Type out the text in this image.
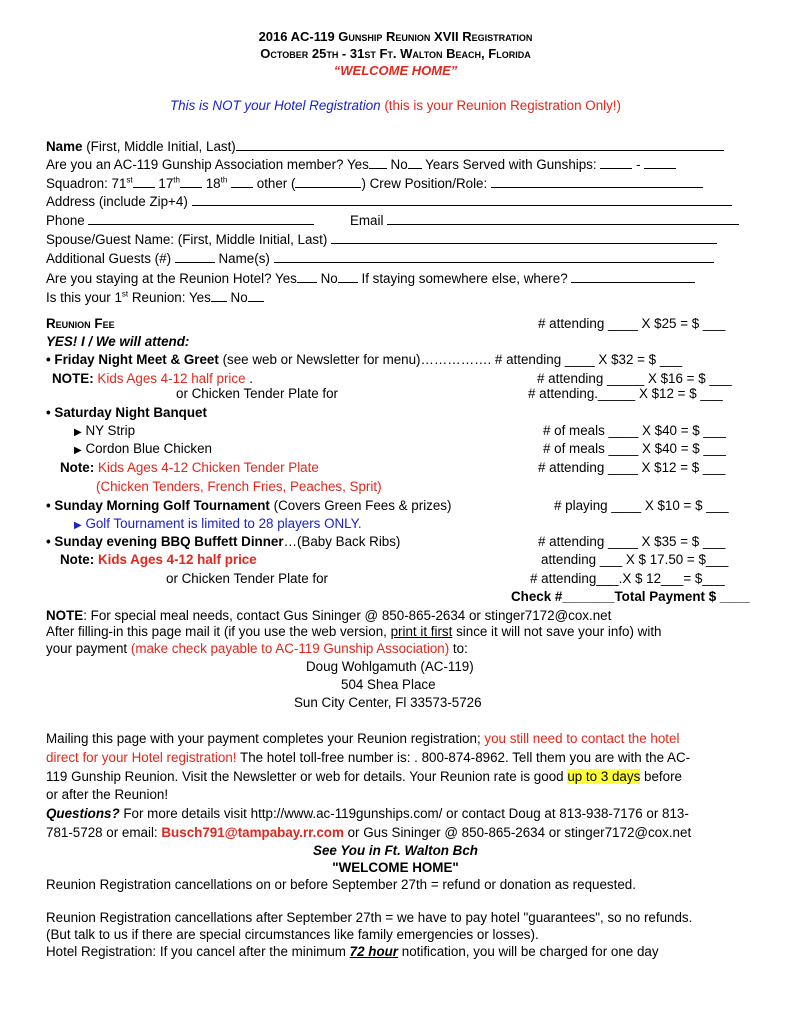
2016 AC-119 Gunship Reunion XVII Registration
October 25th - 31st Ft. Walton Beach, Florida
“WELCOME HOME”
This is NOT your Hotel Registration (this is your Reunion Registration Only!)
Name (First, Middle Initial, Last)
Are you an AC-119 Gunship Association member? Yes No Years Served with Gunships:	-
Squadron: 71st 17th 18th other (	) Crew Position/Role:
Address (include Zip+4)
Phone	Email
Spouse/Guest Name: (First, Middle Initial, Last)
Additional Guests (#)	Name(s)
Are you staying at the Reunion Hotel? Yes No If staying somewhere else, where?
Is this your 1st Reunion: Yes No
Reunion Fee	# attending ____ X $25 = $ ___
YES! I / We will attend:
• Friday Night Meet & Greet (see web or Newsletter for menu)……………. # attending ____ X $32 = $ ___
NOTE: Kids Ages 4-12 half price .	# attending _____ X $16 = $ ___
or Chicken Tender Plate for	# attending._____ X $12 = $ ___
• Saturday Night Banquet
▶ NY Strip	# of meals ____ X $40 = $ ___
▶ Cordon Blue Chicken	# of meals ____ X $40 = $ ___
Note: Kids Ages 4-12 Chicken Tender Plate	# attending ____ X $12 = $ ___
(Chicken Tenders, French Fries, Peaches, Sprit)
• Sunday Morning Golf Tournament (Covers Green Fees & prizes)	# playing ____ X $10 = $ ___
▶ Golf Tournament is limited to 28 players ONLY.
• Sunday evening BBQ Buffett Dinner…(Baby Back Ribs)	# attending ____ X $35 = $ ___
Note: Kids Ages 4-12 half price	attending ___ X $ 17.50 = $___
or Chicken Tender Plate for	# attending___.X $ 12___= $___
Check #_______Total Payment $ ____
NOTE: For special meal needs, contact Gus Sininger @ 850-865-2634 or stinger7172@cox.net
After filling-in this page mail it (if you use the web version, print it first since it will not save your info) with
your payment (make check payable to AC-119 Gunship Association) to:
Doug Wohlgamuth (AC-119)
504 Shea Place
Sun City Center, Fl 33573-5726
Mailing this page with your payment completes your Reunion registration; you still need to contact the hotel
direct for your Hotel registration! The hotel toll-free number is: . 800-874-8962. Tell them you are with the AC-
119 Gunship Reunion. Visit the Newsletter or web for details. Your Reunion rate is good up to 3 days before
or after the Reunion!
Questions? For more details visit http://www.ac-119gunships.com/ or contact Doug at 813-938-7176 or 813-
781-5728 or email: Busch791@tampabay.rr.com or Gus Sininger @ 850-865-2634 or stinger7172@cox.net
See You in Ft. Walton Bch
"WELCOME HOME"
Reunion Registration cancellations on or before September 27th = refund or donation as requested.
Reunion Registration cancellations after September 27th = we have to pay hotel "guarantees", so no refunds.
(But talk to us if there are special circumstances like family emergencies or losses).
Hotel Registration: If you cancel after the minimum 72 hour notification, you will be charged for one day
